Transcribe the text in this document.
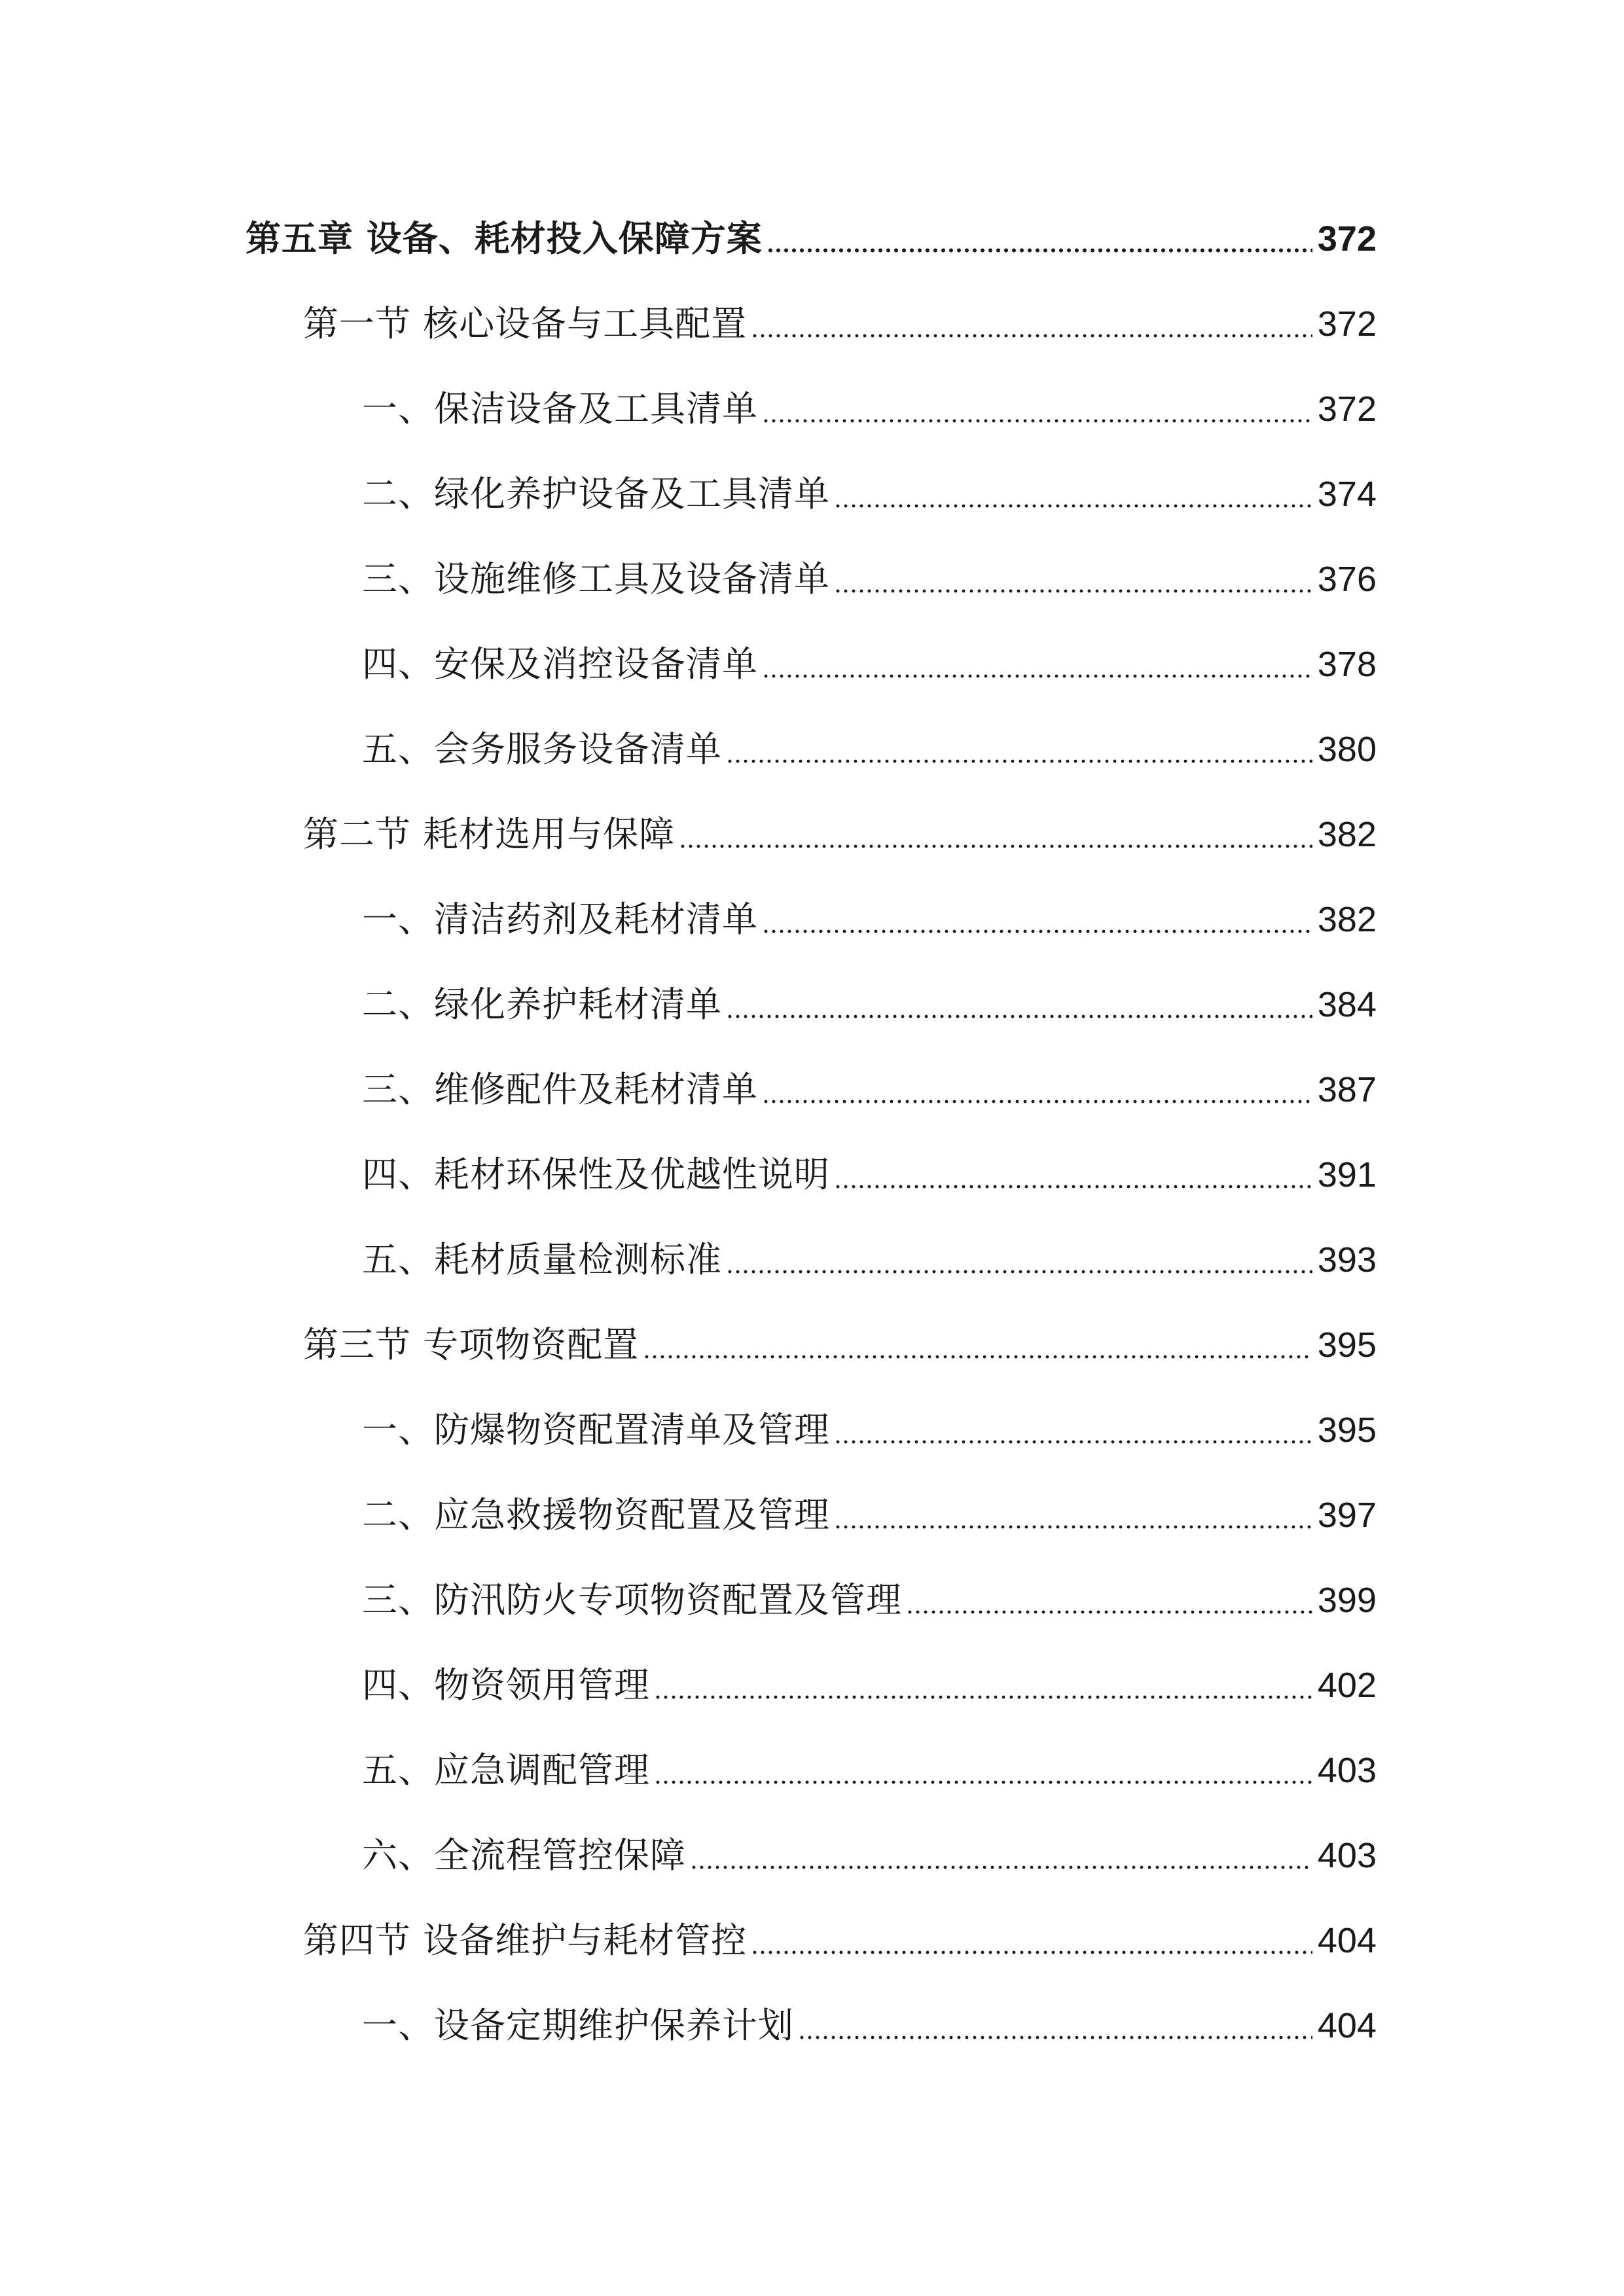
第五章 设备、耗材投入保障方案	372
第一节 核心设备与工具配置	372
一、保洁设备及工具清单	372
二、绿化养护设备及工具清单	374
三、设施维修工具及设备清单	376
四、安保及消控设备清单	378
五、会务服务设备清单	380
第二节 耗材选用与保障	382
一、清洁药剂及耗材清单	382
二、绿化养护耗材清单	384
三、维修配件及耗材清单	387
四、耗材环保性及优越性说明	391
五、耗材质量检测标准	393
第三节 专项物资配置	395
一、防爆物资配置清单及管理	395
二、应急救援物资配置及管理	397
三、防汛防火专项物资配置及管理	399
四、物资领用管理	402
五、应急调配管理	403
六、全流程管控保障	403
第四节 设备维护与耗材管控	404
一、设备定期维护保养计划	404
